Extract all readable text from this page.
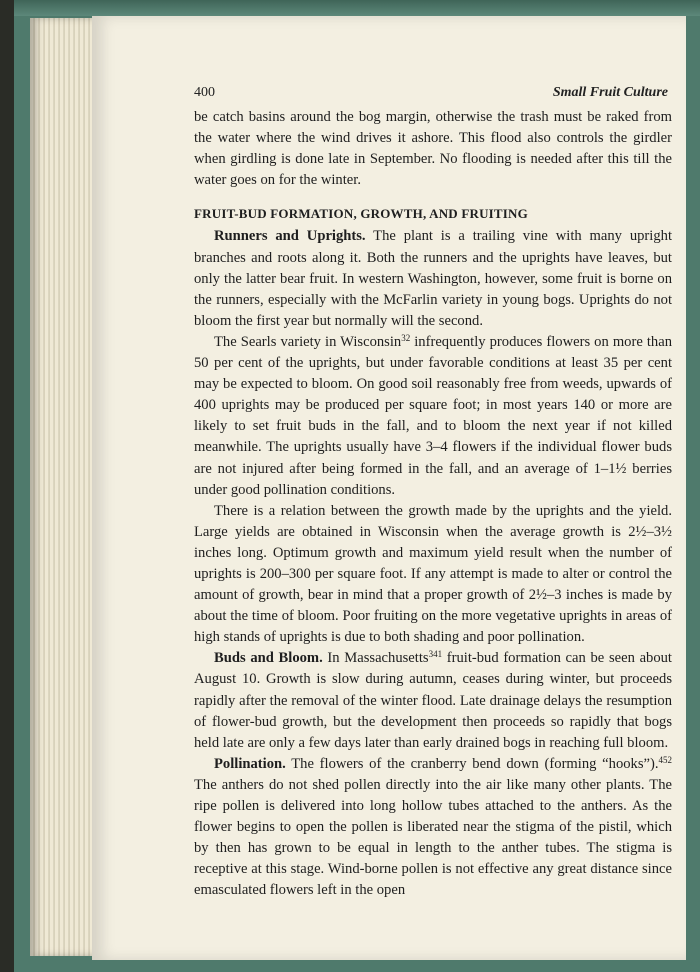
400	Small Fruit Culture

be catch basins around the bog margin, otherwise the trash must be raked from the water where the wind drives it ashore. This flood also controls the girdler when girdling is done late in September. No flooding is needed after this till the water goes on for the winter.

FRUIT-BUD FORMATION, GROWTH, AND FRUITING

Runners and Uprights. The plant is a trailing vine with many upright branches and roots along it. Both the runners and the uprights have leaves, but only the latter bear fruit. In western Washington, however, some fruit is borne on the runners, especially with the McFarlin variety in young bogs. Uprights do not bloom the first year but normally will the second.

The Searls variety in Wisconsin$^{32}$ infrequently produces flowers on more than 50 per cent of the uprights, but under favorable conditions at least 35 per cent may be expected to bloom. On good soil reasonably free from weeds, upwards of 400 uprights may be produced per square foot; in most years 140 or more are likely to set fruit buds in the fall, and to bloom the next year if not killed meanwhile. The uprights usually have 3–4 flowers if the individual flower buds are not injured after being formed in the fall, and an average of 1–1½ berries under good pollination conditions.

There is a relation between the growth made by the uprights and the yield. Large yields are obtained in Wisconsin when the average growth is 2½–3½ inches long. Optimum growth and maximum yield result when the number of uprights is 200–300 per square foot. If any attempt is made to alter or control the amount of growth, bear in mind that a proper growth of 2½–3 inches is made by about the time of bloom. Poor fruiting on the more vegetative uprights in areas of high stands of uprights is due to both shading and poor pollination.

Buds and Bloom. In Massachusetts$^{341}$ fruit-bud formation can be seen about August 10. Growth is slow during autumn, ceases during winter, but proceeds rapidly after the removal of the winter flood. Late drainage delays the resumption of flower-bud growth, but the development then proceeds so rapidly that bogs held late are only a few days later than early drained bogs in reaching full bloom.

Pollination. The flowers of the cranberry bend down (forming “hooks”).$^{452}$ The anthers do not shed pollen directly into the air like many other plants. The ripe pollen is delivered into long hollow tubes attached to the anthers. As the flower begins to open the pollen is liberated near the stigma of the pistil, which by then has grown to be equal in length to the anther tubes. The stigma is receptive at this stage. Wind-borne pollen is not effective any great distance since emasculated flowers left in the open
